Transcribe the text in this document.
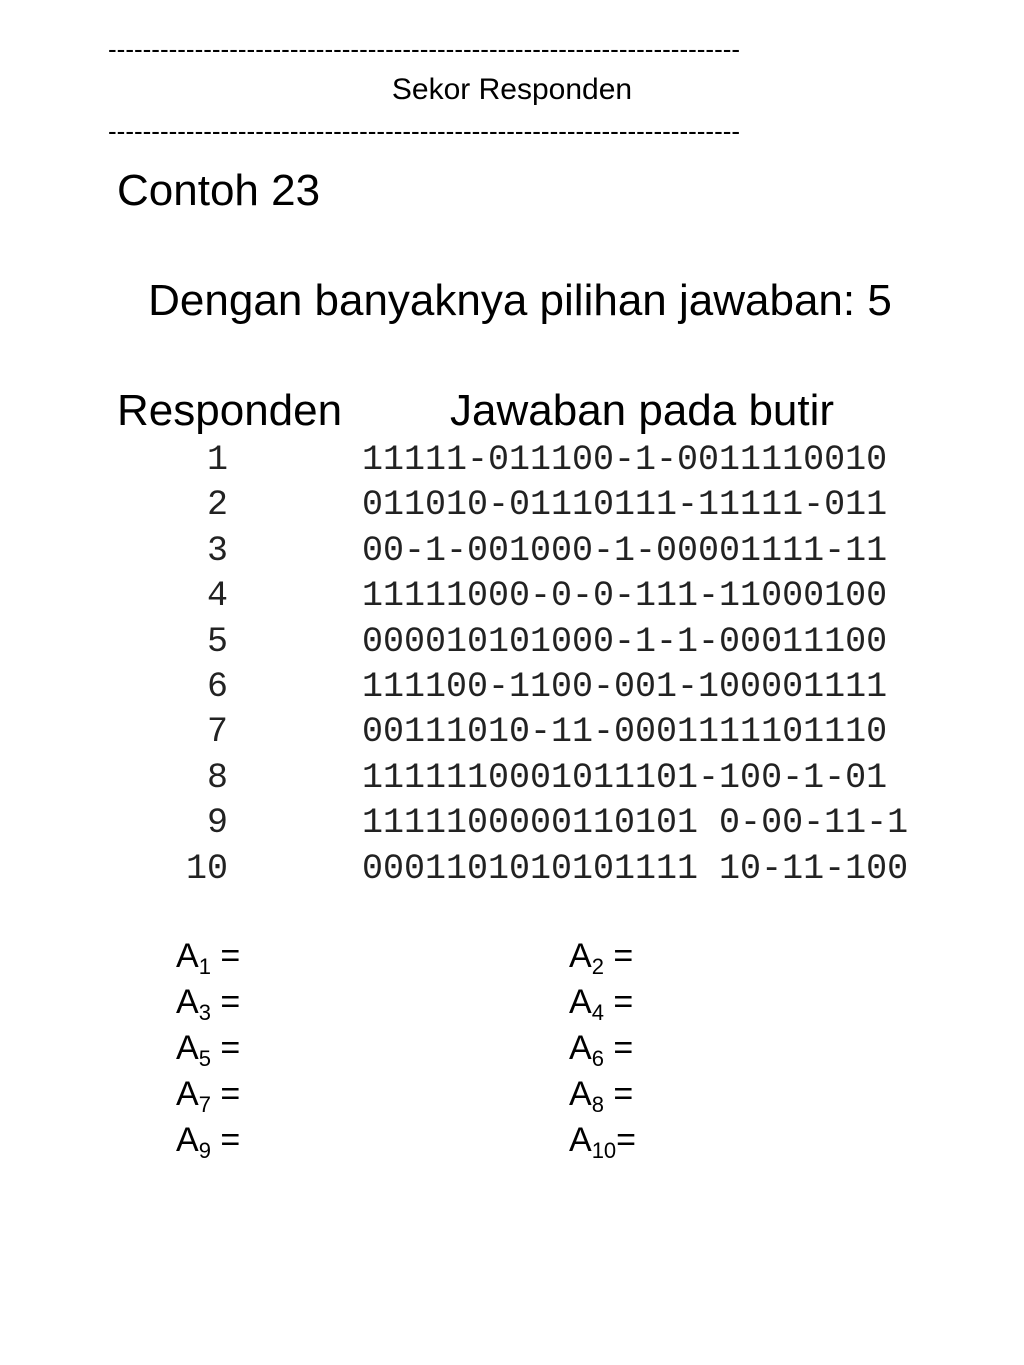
-------------------------------------------------------------------------
Sekor Responden
-------------------------------------------------------------------------
Contoh 23
Dengan banyaknya pilihan jawaban: 5
Responden Jawaban pada butir
1	11111-011100-1-0011110010
2	011010-01110111-11111-011
3	00-1-001000-1-00001111-11
4	11111000-0-0-111-11000100
5	000010101000-1-1-00011100
6	111100-1100-001-100001111
7	00111010-11-0001111101110
8	1111110001011101-100-1-01
9	1111100000110101 0-00-11-1
10	0001101010101111 10-11-100
$A_1$ =	$A_2$ =
$A_3$ =	$A_4$ =
$A_5$ =	$A_6$ =
$A_7$ =	$A_8$ =
$A_9$ =	$A_{10}=$
